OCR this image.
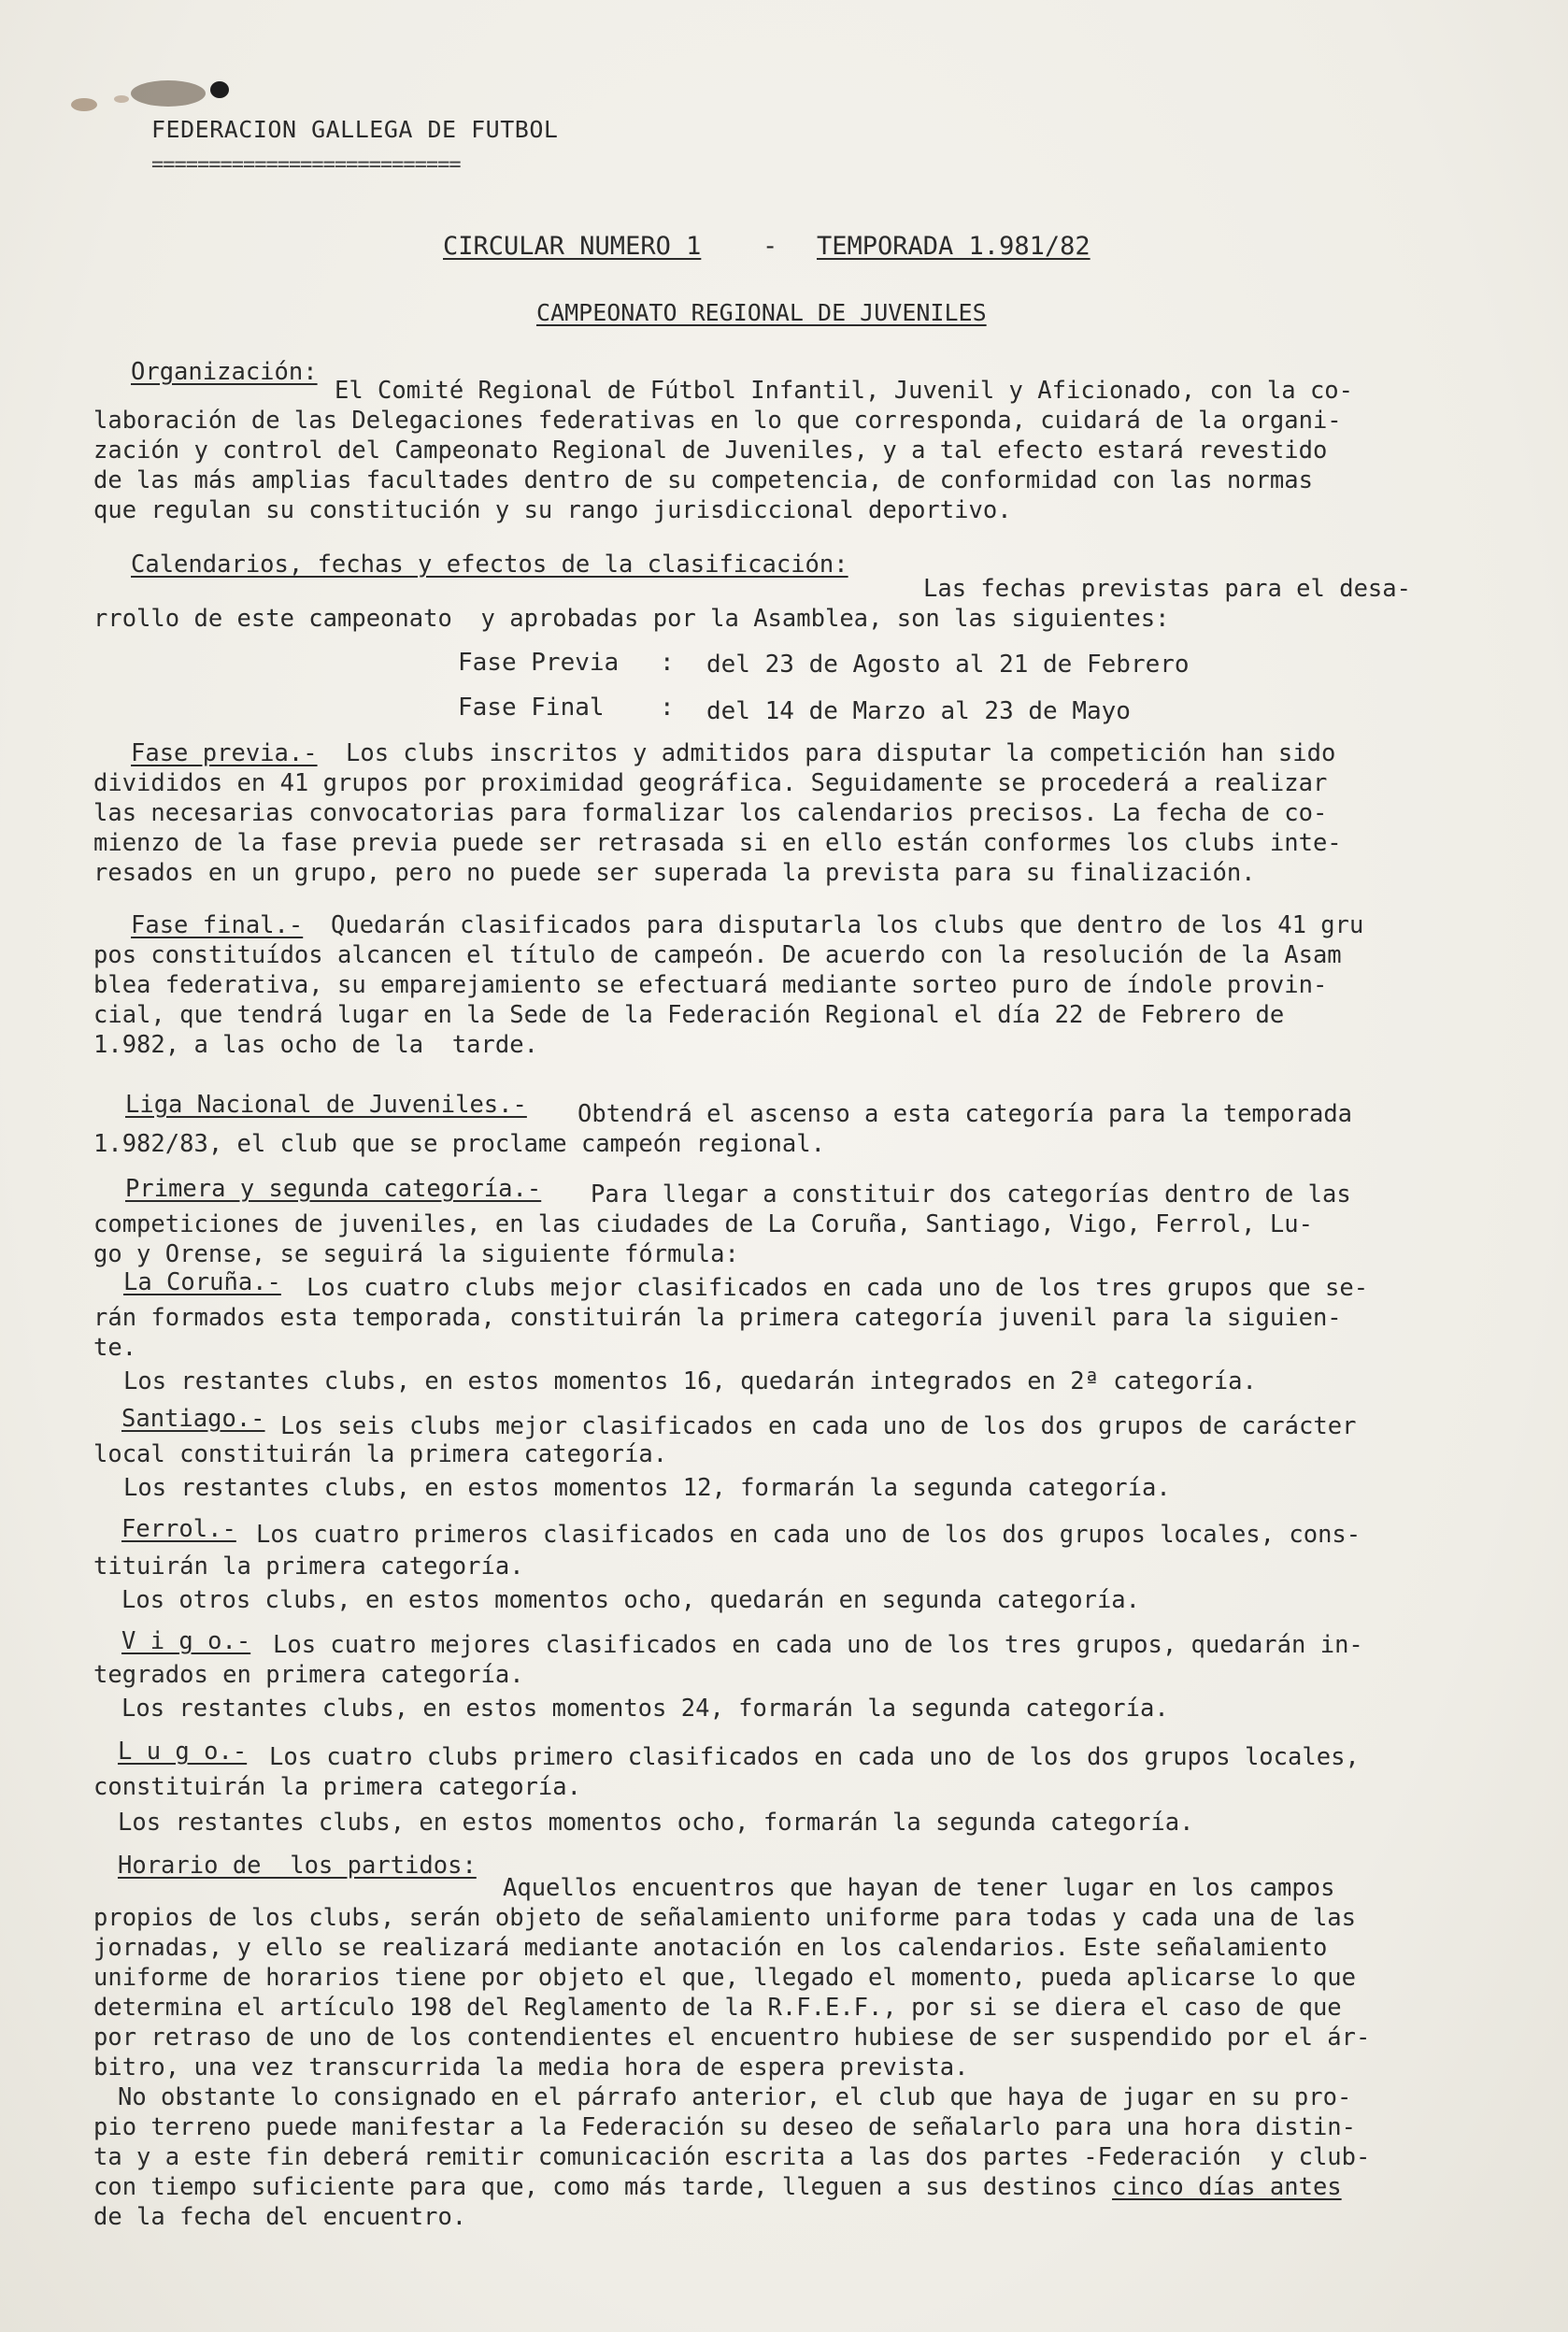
FEDERACION GALLEGA DE FUTBOL
===========================
CIRCULAR NUMERO 1 - TEMPORADA 1.981/82
CAMPEONATO REGIONAL DE JUVENILES
Organización:
El Comité Regional de Fútbol Infantil, Juvenil y Aficionado, con la co-
laboración de las Delegaciones federativas en lo que corresponda, cuidará de la organi-
zación y control del Campeonato Regional de Juveniles, y a tal efecto estará revestido
de las más amplias facultades dentro de su competencia, de conformidad con las normas
que regulan su constitución y su rango jurisdiccional deportivo.
Calendarios, fechas y efectos de la clasificación:
Las fechas previstas para el desa-
rrollo de este campeonato  y aprobadas por la Asamblea, son las siguientes:
Fase Previa : del 23 de Agosto al 21 de Febrero
Fase Final : del 14 de Marzo al 23 de Mayo
Fase previa.-	Los clubs inscritos y admitidos para disputar la competición han sido
divididos en 41 grupos por proximidad geográfica. Seguidamente se procederá a realizar
las necesarias convocatorias para formalizar los calendarios precisos. La fecha de co-
mienzo de la fase previa puede ser retrasada si en ello están conformes los clubs inte-
resados en un grupo, pero no puede ser superada la prevista para su finalización.
Fase final.-	Quedarán clasificados para disputarla los clubs que dentro de los 41 gru
pos constituídos alcancen el título de campeón. De acuerdo con la resolución de la Asam
blea federativa, su emparejamiento se efectuará mediante sorteo puro de índole provin-
cial, que tendrá lugar en la Sede de la Federación Regional el día 22 de Febrero de
1.982, a las ocho de la  tarde.
Liga Nacional de Juveniles.-	Obtendrá el ascenso a esta categoría para la temporada
1.982/83, el club que se proclame campeón regional.
Primera y segunda categoría.-	Para llegar a constituir dos categorías dentro de las
competiciones de juveniles, en las ciudades de La Coruña, Santiago, Vigo, Ferrol, Lu-
go y Orense, se seguirá la siguiente fórmula:
La Coruña.-	Los cuatro clubs mejor clasificados en cada uno de los tres grupos que se-
rán formados esta temporada, constituirán la primera categoría juvenil para la siguien-
te.
Los restantes clubs, en estos momentos 16, quedarán integrados en 2ª categoría.
Santiago.- Los seis clubs mejor clasificados en cada uno de los dos grupos de carácter
local constituirán la primera categoría.
Los restantes clubs, en estos momentos 12, formarán la segunda categoría.
Ferrol.- Los cuatro primeros clasificados en cada uno de los dos grupos locales, cons-
tituirán la primera categoría.
Los otros clubs, en estos momentos ocho, quedarán en segunda categoría.
V i g o.- Los cuatro mejores clasificados en cada uno de los tres grupos, quedarán in-
tegrados en primera categoría.
Los restantes clubs, en estos momentos 24, formarán la segunda categoría.
L u g o.- Los cuatro clubs primero clasificados en cada uno de los dos grupos locales,
constituirán la primera categoría.
Los restantes clubs, en estos momentos ocho, formarán la segunda categoría.
Horario de  los partidos:
Aquellos encuentros que hayan de tener lugar en los campos
propios de los clubs, serán objeto de señalamiento uniforme para todas y cada una de las
jornadas, y ello se realizará mediante anotación en los calendarios. Este señalamiento
uniforme de horarios tiene por objeto el que, llegado el momento, pueda aplicarse lo que
determina el artículo 198 del Reglamento de la R.F.E.F., por si se diera el caso de que
por retraso de uno de los contendientes el encuentro hubiese de ser suspendido por el ár-
bitro, una vez transcurrida la media hora de espera prevista.
No obstante lo consignado en el párrafo anterior, el club que haya de jugar en su pro-
pio terreno puede manifestar a la Federación su deseo de señalarlo para una hora distin-
ta y a este fin deberá remitir comunicación escrita a las dos partes -Federación  y club-
con tiempo suficiente para que, como más tarde, lleguen a sus destinos cinco días antes
de la fecha del encuentro.
